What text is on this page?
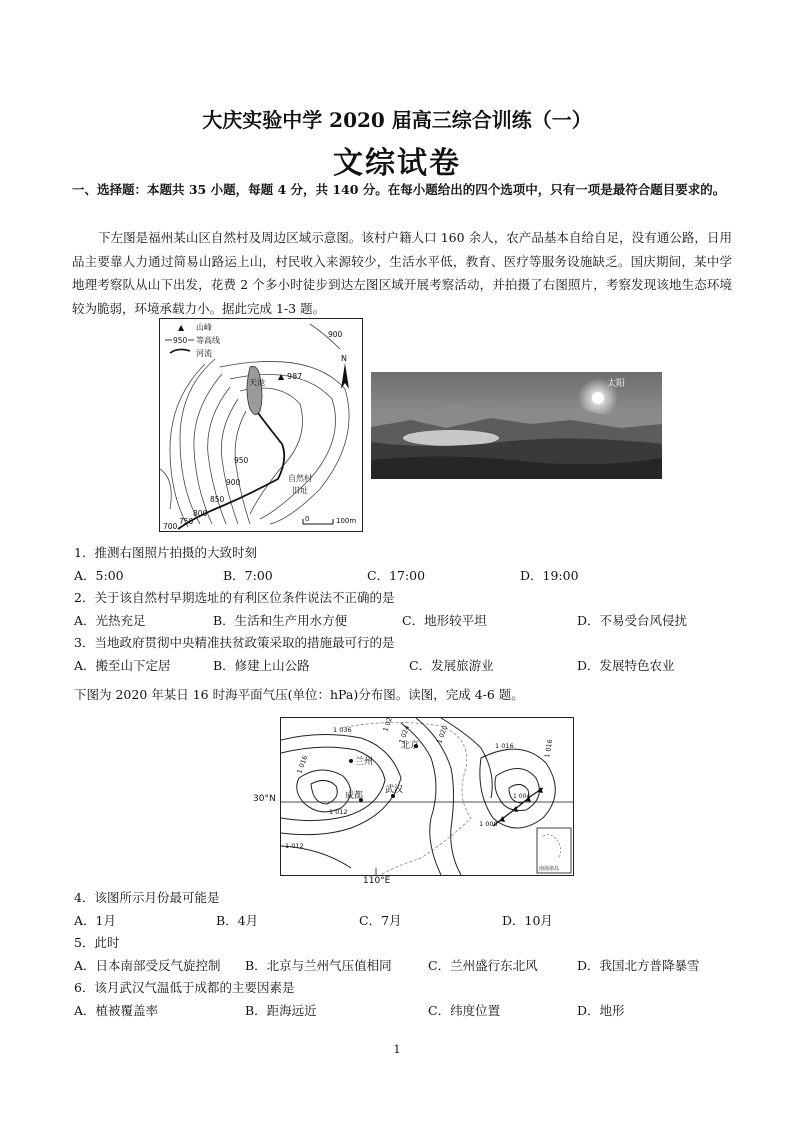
大庆实验中学 2020 届高三综合训练（一）
文综试卷
一、选择题：本题共 35 小题，每题 4 分，共 140 分。在每小题给出的四个选项中，只有一项是最符合题目要求的。
下左图是福州某山区自然村及周边区域示意图。该村户籍人口 160 余人，农产品基本自给自足，没有通公路，日用品主要靠人力通过简易山路运上山，村民收入来源较少，生活水平低，教育、医疗等服务设施缺乏。国庆期间，某中学地理考察队从山下出发，花费 2 个多小时徒步到达左图区域开展考察活动，并拍摄了右图照片，考察发现该地生态环境较为脆弱，环境承载力小。据此完成 1-3 题。
▲ 山峰
950 等高线
河流
天池
▲ 987
自然村
旧址
900
950
900
850
800
750
700
N
0	100m
太阳
1．推测右图照片拍摄的大致时刻
A．5:00	B．7:00	C．17:00	D．19:00
2．关于该自然村早期选址的有利区位条件说法不正确的是
A．光热充足	B．生活和生产用水方便	C．地形较平坦	D．不易受台风侵扰
3．当地政府贯彻中央精准扶贫政策采取的措施最可行的是
A．搬至山下定居	B．修建上山公路	C．发展旅游业	D．发展特色农业
下图为 2020 年某日 16 时海平面气压(单位：hPa)分布图。读图，完成 4-6 题。
兰州
北京
成都
武汉
1 036	1 028
1 024	1 020
1 016
1 016
1 012
1 012
1 004
1 008
1 016
南海诸岛
30°N
110°E
4．该图所示月份最可能是
A．1月	B．4月	C．7月	D．10月
5．此时
A．日本南部受反气旋控制 B．北京与兰州气压值相同	C．兰州盛行东北风	D．我国北方普降暴雪
6．该月武汉气温低于成都的主要因素是
A．植被覆盖率	B．距海远近	C．纬度位置	D．地形
1
